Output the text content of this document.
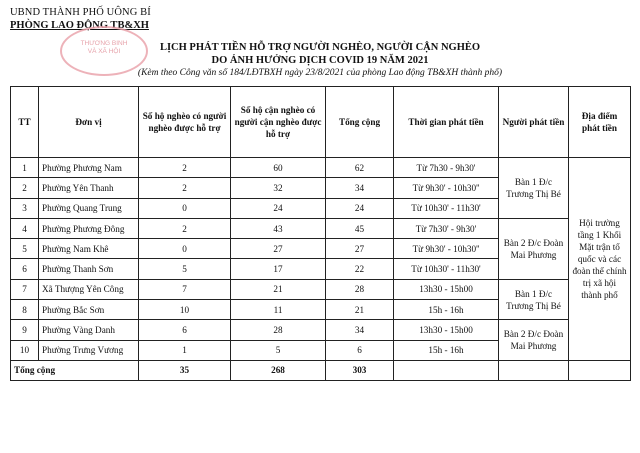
UBND THÀNH PHỐ UÔNG BÍ
PHÒNG LAO ĐỘNG TB&XH
THƯƠNG BINH
VÀ XÃ HỘI	LỊCH PHÁT TIỀN HỖ TRỢ NGƯỜI NGHÈO, NGƯỜI CẬN NGHÈO
DO ẢNH HƯỞNG DỊCH COVID 19 NĂM 2021
(Kèm theo Công văn số 184/LĐTBXH ngày 23/8/2021 của phòng Lao động TB&XH thành phố)
TT	Đơn vị	Số hộ nghèo có người nghèo được hỗ trợ	Số hộ cận nghèo có người cận nghèo được hỗ trợ	Tổng cộng	Thời gian phát tiền	Người phát tiền	Địa điểm phát tiền
1	Phường Phương Nam	2	60	62	Từ 7h30 - 9h30'	Bàn 1 Đ/c Trương Thị Bé	Hội trường tầng 1 Khối Mặt trận tổ quốc và các đoàn thể chính trị xã hội thành phố
2	Phường Yên Thanh	2	32	34	Từ 9h30' - 10h30''		
3	Phường Quang Trung	0	24	24	Từ 10h30' - 11h30'		
4	Phường Phương Đông	2	43	45	Từ 7h30' - 9h30'	Bàn 2 Đ/c Đoàn Mai Phương	
5	Phường Nam Khê	0	27	27	Từ 9h30' - 10h30''		
6	Phường Thanh Sơn	5	17	22	Từ 10h30' - 11h30'		
7	Xã Thượng Yên Công	7	21	28	13h30 - 15h00	Bàn 1 Đ/c Trương Thị Bé	
8	Phường Bắc Sơn	10	11	21	15h - 16h		
9	Phường Vàng Danh	6	28	34	13h30 - 15h00	Bàn 2 Đ/c Đoàn Mai Phương	
10	Phường Trưng Vương	1	5	6	15h - 16h		
Tổng cộng		35	268	303			
